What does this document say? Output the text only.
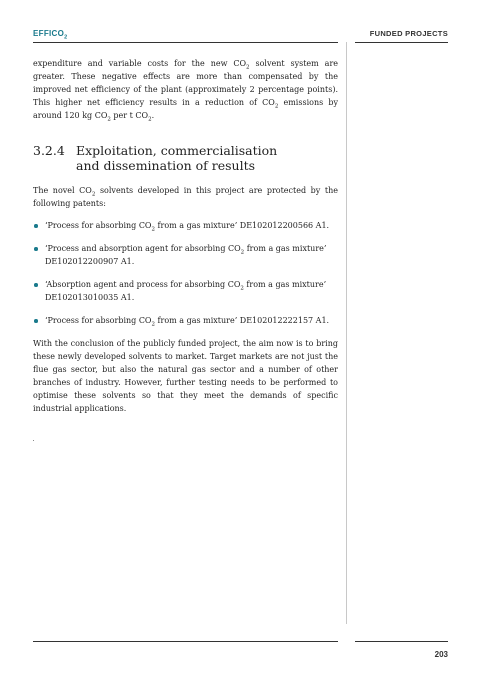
$EFFICO_2$	FUNDED PROJECTS

expenditure and variable costs for the new $CO_2$ solvent system are greater. These negative effects are more than compensated by the improved net efficiency of the plant (approximately 2 percentage points). This higher net efficiency results in a reduction of $CO_2$ emissions by around 120 kg $CO_2$ per t $CO_2$.

3.2.4 Exploitation, commercialisation
and dissemination of results

The novel $CO_2$ solvents developed in this project are protected by the following patents:

‘Process for absorbing $CO_2$ from a gas mixture’ DE102012200566 A1.
‘Process and absorption agent for absorbing $CO_2$ from a gas mixture’ DE102012200907 A1.
‘Absorption agent and process for absorbing $CO_2$ from a gas mixture’ DE102013010035 A1.
‘Process for absorbing $CO_2$ from a gas mixture’ DE102012222157 A1.

With the conclusion of the publicly funded project, the aim now is to bring these newly developed solvents to market. Target markets are not just the flue gas sector, but also the natural gas sector and a number of other branches of industry. However, further testing needs to be performed to optimise these solvents so that they meet the demands of specific industrial applications.

203
